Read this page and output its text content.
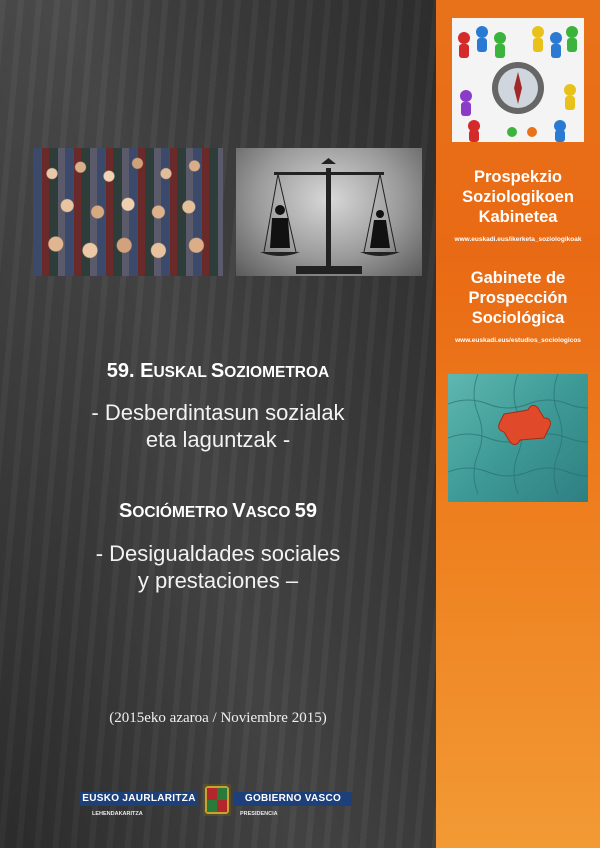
Prospekzio
Soziologikoen
Kabinetea
www.euskadi.eus/ikerketa_soziologikoak
Gabinete de
Prospección
Sociológica
www.euskadi.eus/estudios_sociologicos
59. EUSKAL SOZIOMETROA
- Desberdintasun sozialak
eta laguntzak -
SOCIÓMETRO VASCO 59
- Desigualdades sociales
y prestaciones –
(2015eko azaroa / Noviembre 2015)
EUSKO JAURLARITZA	GOBIERNO VASCO
LEHENDAKARITZA	PRESIDENCIA
